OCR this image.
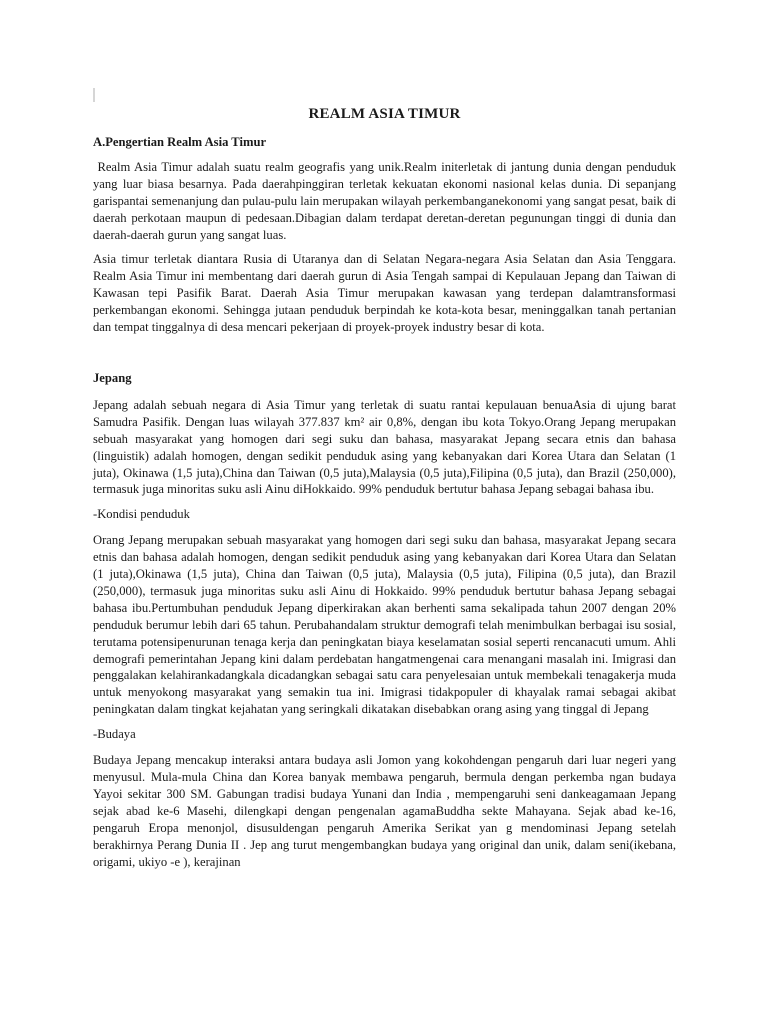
REALM ASIA TIMUR
A.Pengertian Realm Asia Timur
Realm Asia Timur adalah suatu realm geografis yang unik.Realm initerletak di jantung dunia dengan penduduk yang luar biasa besarnya. Pada daerahpinggiran terletak kekuatan ekonomi nasional kelas dunia. Di sepanjang garispantai semenanjung dan pulau-pulu lain merupakan wilayah perkembanganekonomi yang sangat pesat, baik di daerah perkotaan maupun di pedesaan.Dibagian dalam terdapat deretan-deretan pegunungan tinggi di dunia dan daerah-daerah gurun yang sangat luas.
Asia timur terletak diantara Rusia di Utaranya dan di Selatan Negara-negara Asia Selatan dan Asia Tenggara. Realm Asia Timur ini membentang dari daerah gurun di Asia Tengah sampai di Kepulauan Jepang dan Taiwan di Kawasan tepi Pasifik Barat. Daerah Asia Timur merupakan kawasan yang terdepan dalamtransformasi perkembangan ekonomi. Sehingga jutaan penduduk berpindah ke kota-kota besar, meninggalkan tanah pertanian dan tempat tinggalnya di desa mencari pekerjaan di proyek-proyek industry besar di kota.
Jepang
Jepang adalah sebuah negara di Asia Timur yang terletak di suatu rantai kepulauan benuaAsia di ujung barat Samudra Pasifik. Dengan luas wilayah 377.837 km² air 0,8%, dengan ibu kota Tokyo.Orang Jepang merupakan sebuah masyarakat yang homogen dari segi suku dan bahasa, masyarakat Jepang secara etnis dan bahasa (linguistik) adalah homogen, dengan sedikit penduduk asing yang kebanyakan dari Korea Utara dan Selatan (1 juta), Okinawa (1,5 juta),China dan Taiwan (0,5 juta),Malaysia (0,5 juta),Filipina (0,5 juta), dan Brazil (250,000), termasuk juga minoritas suku asli Ainu diHokkaido. 99% penduduk bertutur bahasa Jepang sebagai bahasa ibu.
-Kondisi penduduk
Orang Jepang merupakan sebuah masyarakat yang homogen dari segi suku dan bahasa, masyarakat Jepang secara etnis dan bahasa adalah homogen, dengan sedikit penduduk asing yang kebanyakan dari Korea Utara dan Selatan (1 juta),Okinawa (1,5 juta), China dan Taiwan (0,5 juta), Malaysia (0,5 juta), Filipina (0,5 juta), dan Brazil (250,000), termasuk juga minoritas suku asli Ainu di Hokkaido. 99% penduduk bertutur bahasa Jepang sebagai bahasa ibu.Pertumbuhan penduduk Jepang diperkirakan akan berhenti sama sekalipada tahun 2007 dengan 20% penduduk berumur lebih dari 65 tahun. Perubahandalam struktur demografi telah menimbulkan berbagai isu sosial, terutama potensipenurunan tenaga kerja dan peningkatan biaya keselamatan sosial seperti rencanacuti umum. Ahli demografi pemerintahan Jepang kini dalam perdebatan hangatmengenai cara menangani masalah ini. Imigrasi dan penggalakan kelahirankadangkala dicadangkan sebagai satu cara penyelesaian untuk membekali tenagakerja muda untuk menyokong masyarakat yang semakin tua ini. Imigrasi tidakpopuler di khayalak ramai sebagai akibat peningkatan dalam tingkat kejahatan yang seringkali dikatakan disebabkan orang asing yang tinggal di Jepang
-Budaya
Budaya Jepang mencakup interaksi antara budaya asli Jomon yang kokohdengan pengaruh dari luar negeri yang menyusul. Mula-mula China dan Korea banyak membawa pengaruh, bermula dengan perkemba ngan budaya Yayoi sekitar 300 SM. Gabungan tradisi budaya Yunani dan India , mempengaruhi seni dankeagamaan Jepang sejak abad ke-6 Masehi, dilengkapi dengan pengenalan agamaBuddha sekte Mahayana. Sejak abad ke-16, pengaruh Eropa menonjol, disusuldengan pengaruh Amerika Serikat yan g mendominasi Jepang setelah berakhirnya Perang Dunia II . Jep ang turut mengembangkan budaya yang original dan unik, dalam seni(ikebana, origami, ukiyo -e ), kerajinan
